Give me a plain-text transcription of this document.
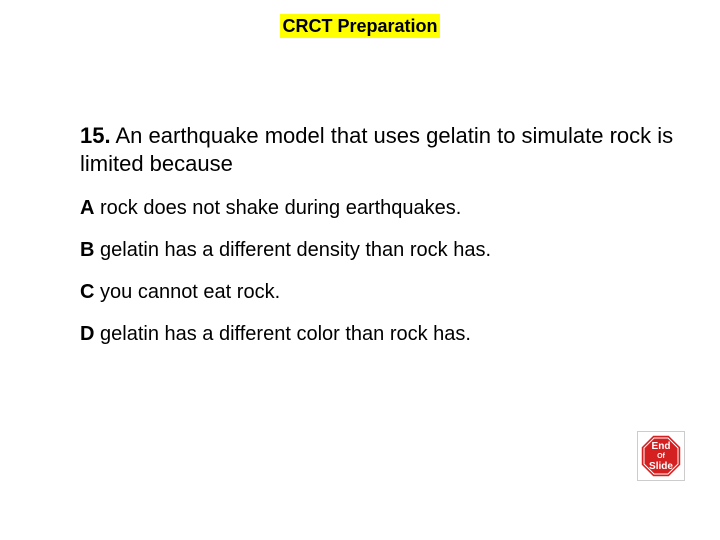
CRCT Preparation

15. An earthquake model that uses gelatin to simulate rock is limited because

A rock does not shake during earthquakes.

B gelatin has a different density than rock has.

C you cannot eat rock.

D gelatin has a different color than rock has.

End
Of
Slide
